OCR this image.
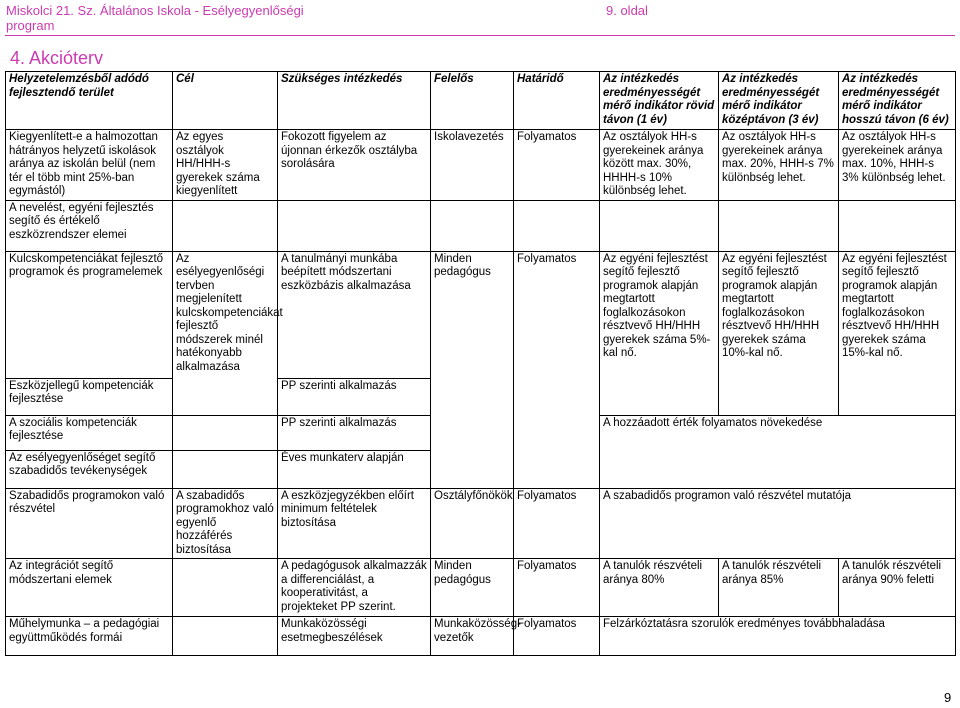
Miskolci 21. Sz. Általános Iskola - Esélyegyenlőségi program
9. oldal
4. Akcióterv
Helyzetelemzésből adódó fejlesztendő terület	Cél	Szükséges intézkedés	Felelős	Határidő	Az intézkedés eredményességét mérő indikátor rövid távon (1 év)	Az intézkedés eredményességét mérő indikátor középtávon (3 év)	Az intézkedés eredményességét mérő indikátor hosszú távon (6 év)
Kiegyenlített-e a halmozottan hátrányos helyzetű iskolások aránya az iskolán belül (nem tér el több mint 25%-ban egymástól)	Az egyes osztályok HH/HHH-s gyerekek száma kiegyenlített	Fokozott figyelem az újonnan érkezők osztályba sorolására	Iskolavezetés	Folyamatos	Az osztályok HH-s gyerekeinek aránya között max. 30%, HHHH-s 10% különbség lehet.	Az osztályok HH-s gyerekeinek aránya max. 20%, HHH-s 7% különbség lehet.	Az osztályok HH-s gyerekeinek aránya max. 10%, HHH-s 3% különbség lehet.
A nevelést, egyéni fejlesztés segítő és értékelő eszközrendszer elemei							
Kulcskompetenciákat fejlesztő programok és programelemek	Az esélyegyenlőségi tervben megjelenített kulcskompetenciákat fejlesztő módszerek minél hatékonyabb alkalmazása	A tanulmányi munkába beépített módszertani eszközbázis alkalmazása	Minden pedagógus	Folyamatos	Az egyéni fejlesztést segítő fejlesztő programok alapján megtartott foglalkozásokon résztvevő HH/HHH gyerekek száma 5%-kal nő.	Az egyéni fejlesztést segítő fejlesztő programok alapján megtartott foglalkozásokon résztvevő HH/HHH gyerekek száma 10%-kal nő.	Az egyéni fejlesztést segítő fejlesztő programok alapján megtartott foglalkozásokon résztvevő HH/HHH gyerekek száma 15%-kal nő.
Eszközjellegű kompetenciák fejlesztése		PP szerinti alkalmazás					
A szociális kompetenciák fejlesztése		PP szerinti alkalmazás			A hozzáadott érték folyamatos növekedése		
Az esélyegyenlőséget segítő szabadidős tevékenységek		Éves munkaterv alapján					
Szabadidős programokon való részvétel	A szabadidős programokhoz való egyenlő hozzáférés biztosítása	A eszközjegyzékben előírt minimum feltételek biztosítása	Osztályfőnökök	Folyamatos	A szabadidős programon való részvétel mutatója		
Az integrációt segítő módszertani elemek		A pedagógusok alkalmazzák a differenciálást, a kooperativitást, a projekteket PP szerint.	Minden pedagógus	Folyamatos	A tanulók részvételi aránya 80%	A tanulók részvételi aránya 85%	A tanulók részvételi aránya 90% feletti
Műhelymunka – a pedagógiai együttműködés formái		Munkaközösségi esetmegbeszélések	Munkaközösség-vezetők	Folyamatos	Felzárkóztatásra szorulók eredményes továbbhaladása		
9
